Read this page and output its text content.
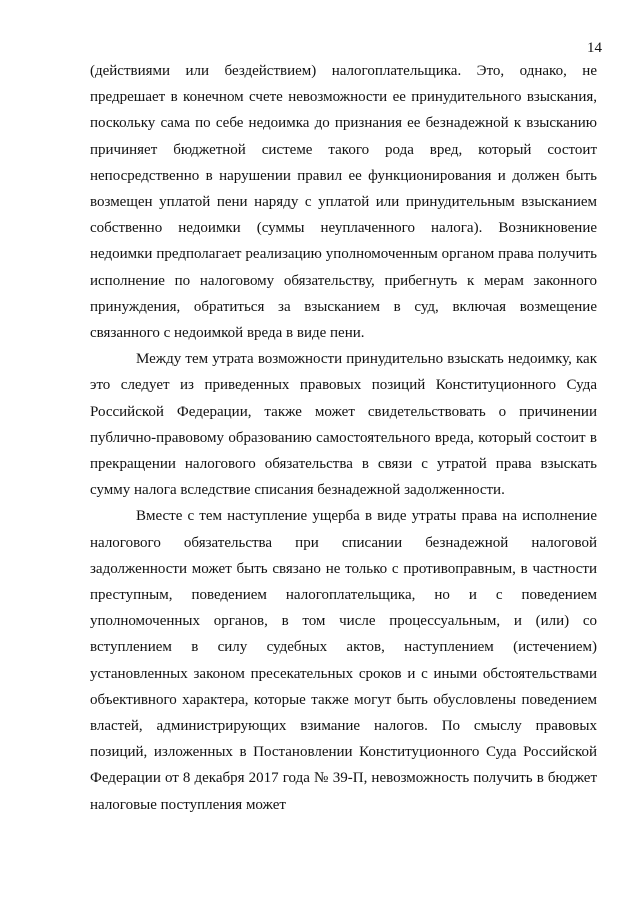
14

(действиями или бездействием) налогоплательщика. Это, однако, не предрешает в конечном счете невозможности ее принудительного взыскания, поскольку сама по себе недоимка до признания ее безнадежной к взысканию причиняет бюджетной системе такого рода вред, который состоит непосредственно в нарушении правил ее функционирования и должен быть возмещен уплатой пени наряду с уплатой или принудительным взысканием собственно недоимки (суммы неуплаченного налога). Возникновение недоимки предполагает реализацию уполномоченным органом права получить исполнение по налоговому обязательству, прибегнуть к мерам законного принуждения, обратиться за взысканием в суд, включая возмещение связанного с недоимкой вреда в виде пени.

Между тем утрата возможности принудительно взыскать недоимку, как это следует из приведенных правовых позиций Конституционного Суда Российской Федерации, также может свидетельствовать о причинении публично-правовому образованию самостоятельного вреда, который состоит в прекращении налогового обязательства в связи с утратой права взыскать сумму налога вследствие списания безнадежной задолженности.

Вместе с тем наступление ущерба в виде утраты права на исполнение налогового обязательства при списании безнадежной налоговой задолженности может быть связано не только с противоправным, в частности преступным, поведением налогоплательщика, но и с поведением уполномоченных органов, в том числе процессуальным, и (или) со вступлением в силу судебных актов, наступлением (истечением) установленных законом пресекательных сроков и с иными обстоятельствами объективного характера, которые также могут быть обусловлены поведением властей, администрирующих взимание налогов. По смыслу правовых позиций, изложенных в Постановлении Конституционного Суда Российской Федерации от 8 декабря 2017 года № 39-П, невозможность получить в бюджет налоговые поступления может
